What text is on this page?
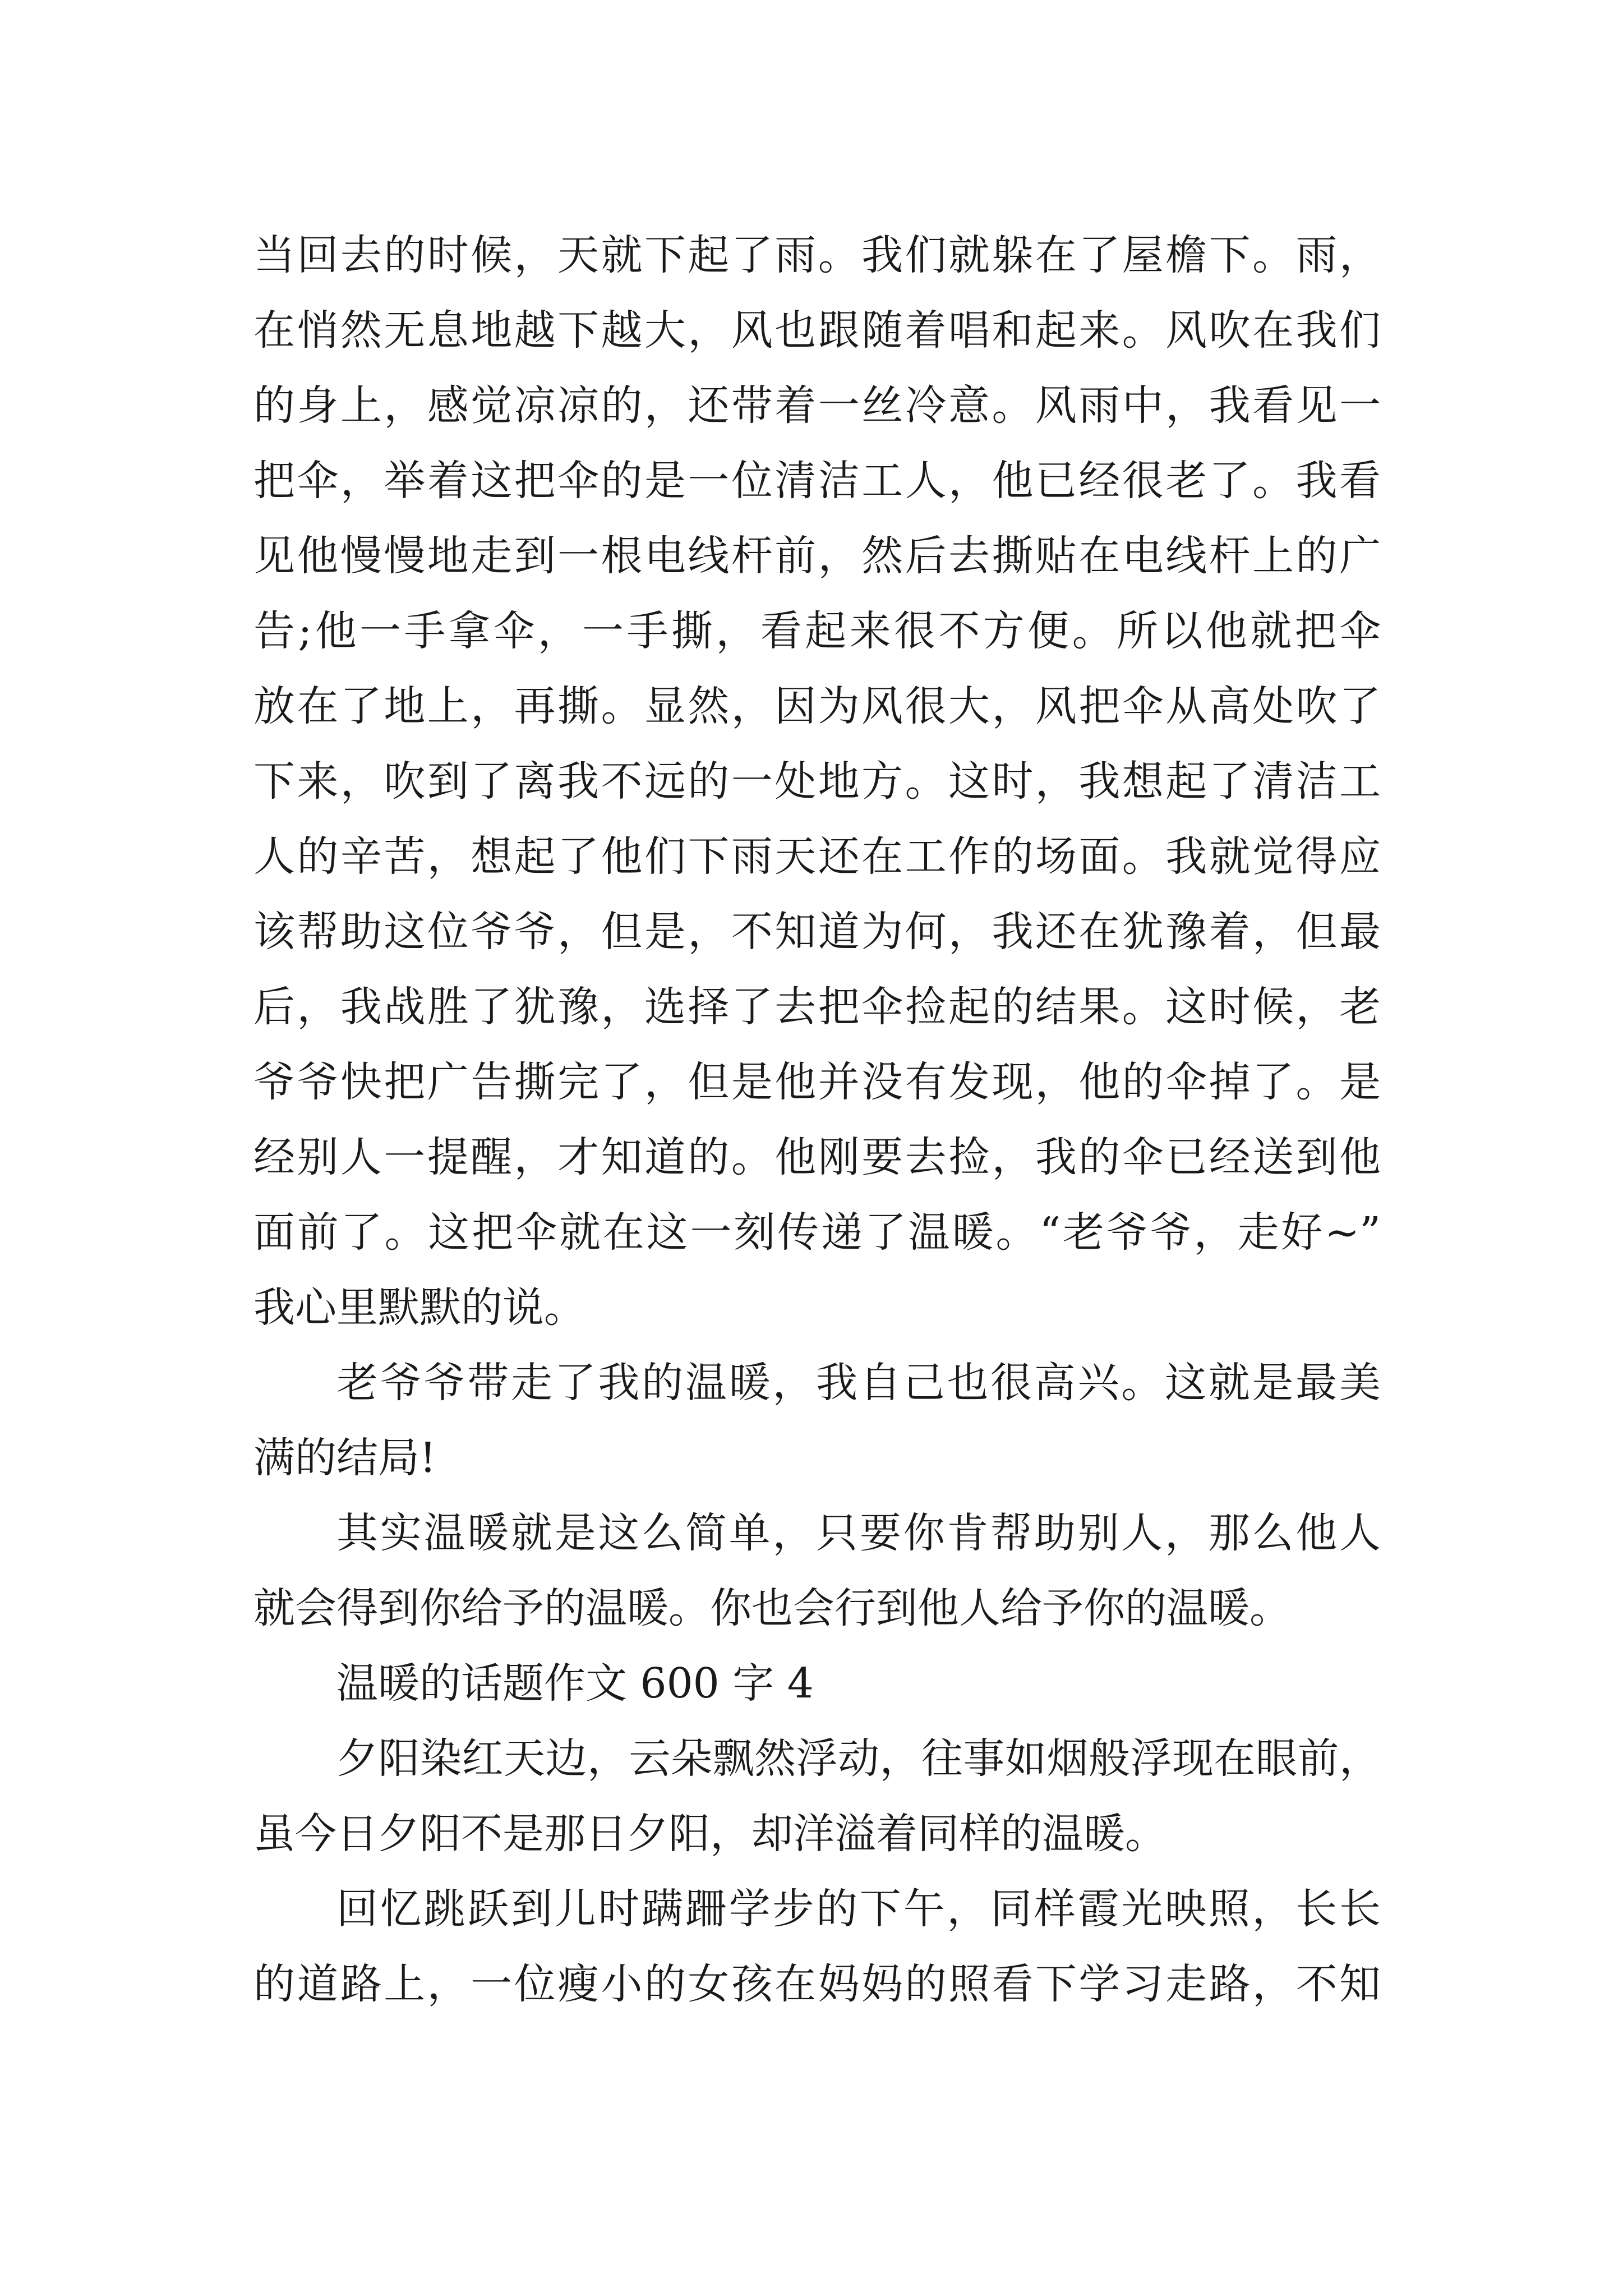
当回去的时候，天就下起了雨。我们就躲在了屋檐下。雨，
在悄然无息地越下越大，风也跟随着唱和起来。风吹在我们
的身上，感觉凉凉的，还带着一丝冷意。风雨中，我看见一
把伞，举着这把伞的是一位清洁工人，他已经很老了。我看
见他慢慢地走到一根电线杆前，然后去撕贴在电线杆上的广
告;他一手拿伞，一手撕，看起来很不方便。所以他就把伞
放在了地上，再撕。显然，因为风很大，风把伞从高处吹了
下来，吹到了离我不远的一处地方。这时，我想起了清洁工
人的辛苦，想起了他们下雨天还在工作的场面。我就觉得应
该帮助这位爷爷，但是，不知道为何，我还在犹豫着，但最
后，我战胜了犹豫，选择了去把伞捡起的结果。这时候，老
爷爷快把广告撕完了，但是他并没有发现，他的伞掉了。是
经别人一提醒，才知道的。他刚要去捡，我的伞已经送到他
面前了。这把伞就在这一刻传递了温暖。“老爷爷，走好~”
我心里默默的说。
老爷爷带走了我的温暖，我自己也很高兴。这就是最美
满的结局!
其实温暖就是这么简单，只要你肯帮助别人，那么他人
就会得到你给予的温暖。你也会行到他人给予你的温暖。
温暖的话题作文 600 字 4
夕阳染红天边，云朵飘然浮动，往事如烟般浮现在眼前，
虽今日夕阳不是那日夕阳，却洋溢着同样的温暖。
回忆跳跃到儿时蹒跚学步的下午，同样霞光映照，长长
的道路上，一位瘦小的女孩在妈妈的照看下学习走路，不知
